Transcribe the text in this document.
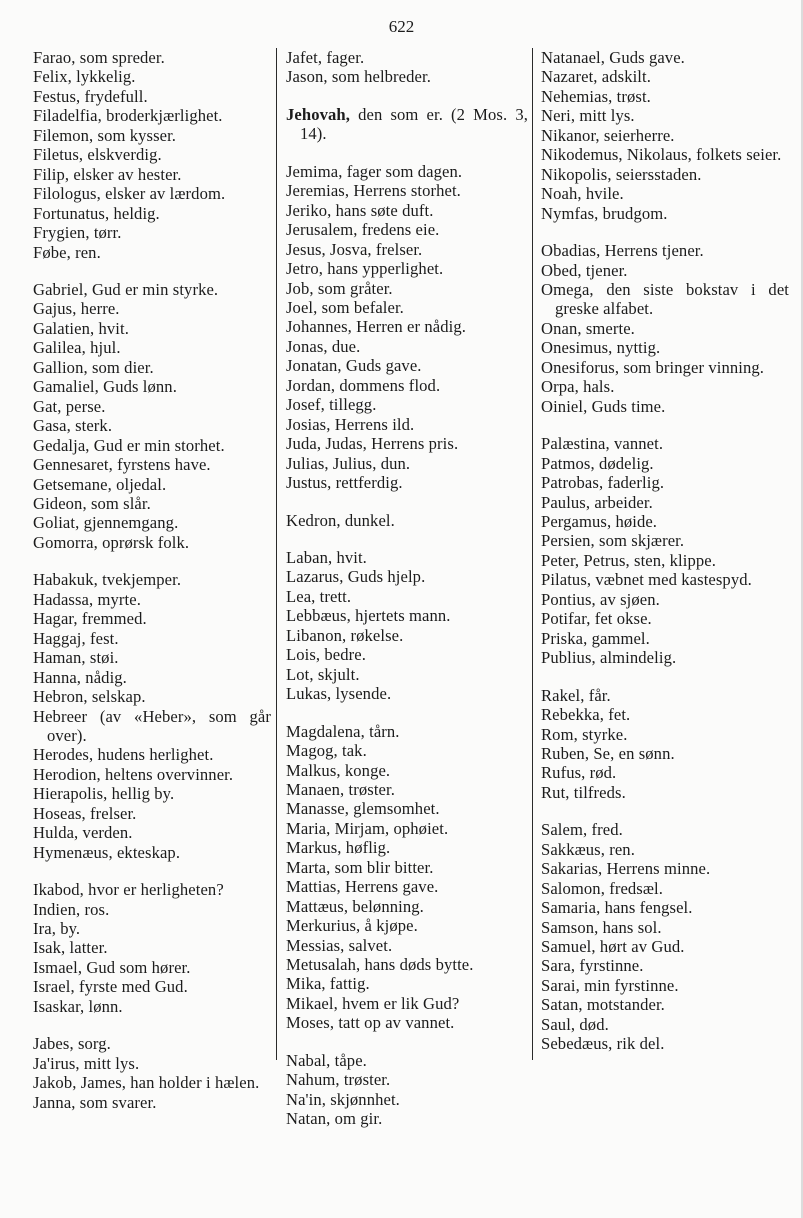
622

Farao, som spreder.

Felix, lykkelig.

Festus, frydefull.

Filadelfia, broderkjærlighet.

Filemon, som kysser.

Filetus, elskverdig.

Filip, elsker av hester.

Filologus, elsker av lærdom.

Fortunatus, heldig.

Frygien, tørr.

Føbe, ren.

Gabriel, Gud er min styrke.

Gajus, herre.

Galatien, hvit.

Galilea, hjul.

Gallion, som dier.

Gamaliel, Guds lønn.

Gat, perse.

Gasa, sterk.

Gedalja, Gud er min storhet.

Gennesaret, fyrstens have.

Getsemane, oljedal.

Gideon, som slår.

Goliat, gjennemgang.

Gomorra, oprørsk folk.

Habakuk, tvekjemper.

Hadassa, myrte.

Hagar, fremmed.

Haggaj, fest.

Haman, støi.

Hanna, nådig.

Hebron, selskap.

Hebreer (av «Heber», som går over).

Herodes, hudens herlighet.

Herodion, heltens overvinner.

Hierapolis, hellig by.

Hoseas, frelser.

Hulda, verden.

Hymenæus, ekteskap.

Ikabod, hvor er herligheten?

Indien, ros.

Ira, by.

Isak, latter.

Ismael, Gud som hører.

Israel, fyrste med Gud.

Isaskar, lønn.

Jabes, sorg.

Ja'irus, mitt lys.

Jakob, James, han holder i hælen.

Janna, som svarer.

Jafet, fager.

Jason, som helbreder.

Jehovah, den som er. (2 Mos. 3, 14).

Jemima, fager som dagen.

Jeremias, Herrens storhet.

Jeriko, hans søte duft.

Jerusalem, fredens eie.

Jesus, Josva, frelser.

Jetro, hans ypperlighet.

Job, som gråter.

Joel, som befaler.

Johannes, Herren er nådig.

Jonas, due.

Jonatan, Guds gave.

Jordan, dommens flod.

Josef, tillegg.

Josias, Herrens ild.

Juda, Judas, Herrens pris.

Julias, Julius, dun.

Justus, rettferdig.

Kedron, dunkel.

Laban, hvit.

Lazarus, Guds hjelp.

Lea, trett.

Lebbæus, hjertets mann.

Libanon, røkelse.

Lois, bedre.

Lot, skjult.

Lukas, lysende.

Magdalena, tårn.

Magog, tak.

Malkus, konge.

Manaen, trøster.

Manasse, glemsomhet.

Maria, Mirjam, ophøiet.

Markus, høflig.

Marta, som blir bitter.

Mattias, Herrens gave.

Mattæus, belønning.

Merkurius, å kjøpe.

Messias, salvet.

Metusalah, hans døds bytte.

Mika, fattig.

Mikael, hvem er lik Gud?

Moses, tatt op av vannet.

Nabal, tåpe.

Nahum, trøster.

Na'in, skjønnhet.

Natan, om gir.

Natanael, Guds gave.

Nazaret, adskilt.

Nehemias, trøst.

Neri, mitt lys.

Nikanor, seierherre.

Nikodemus, Nikolaus, folkets seier.

Nikopolis, seiersstaden.

Noah, hvile.

Nymfas, brudgom.

Obadias, Herrens tjener.

Obed, tjener.

Omega, den siste bokstav i det greske alfabet.

Onan, smerte.

Onesimus, nyttig.

Onesiforus, som bringer vinning.

Orpa, hals.

Oiniel, Guds time.

Palæstina, vannet.

Patmos, dødelig.

Patrobas, faderlig.

Paulus, arbeider.

Pergamus, høide.

Persien, som skjærer.

Peter, Petrus, sten, klippe.

Pilatus, væbnet med kastespyd.

Pontius, av sjøen.

Potifar, fet okse.

Priska, gammel.

Publius, almindelig.

Rakel, får.

Rebekka, fet.

Rom, styrke.

Ruben, Se, en sønn.

Rufus, rød.

Rut, tilfreds.

Salem, fred.

Sakkæus, ren.

Sakarias, Herrens minne.

Salomon, fredsæl.

Samaria, hans fengsel.

Samson, hans sol.

Samuel, hørt av Gud.

Sara, fyrstinne.

Sarai, min fyrstinne.

Satan, motstander.

Saul, død.

Sebedæus, rik del.
